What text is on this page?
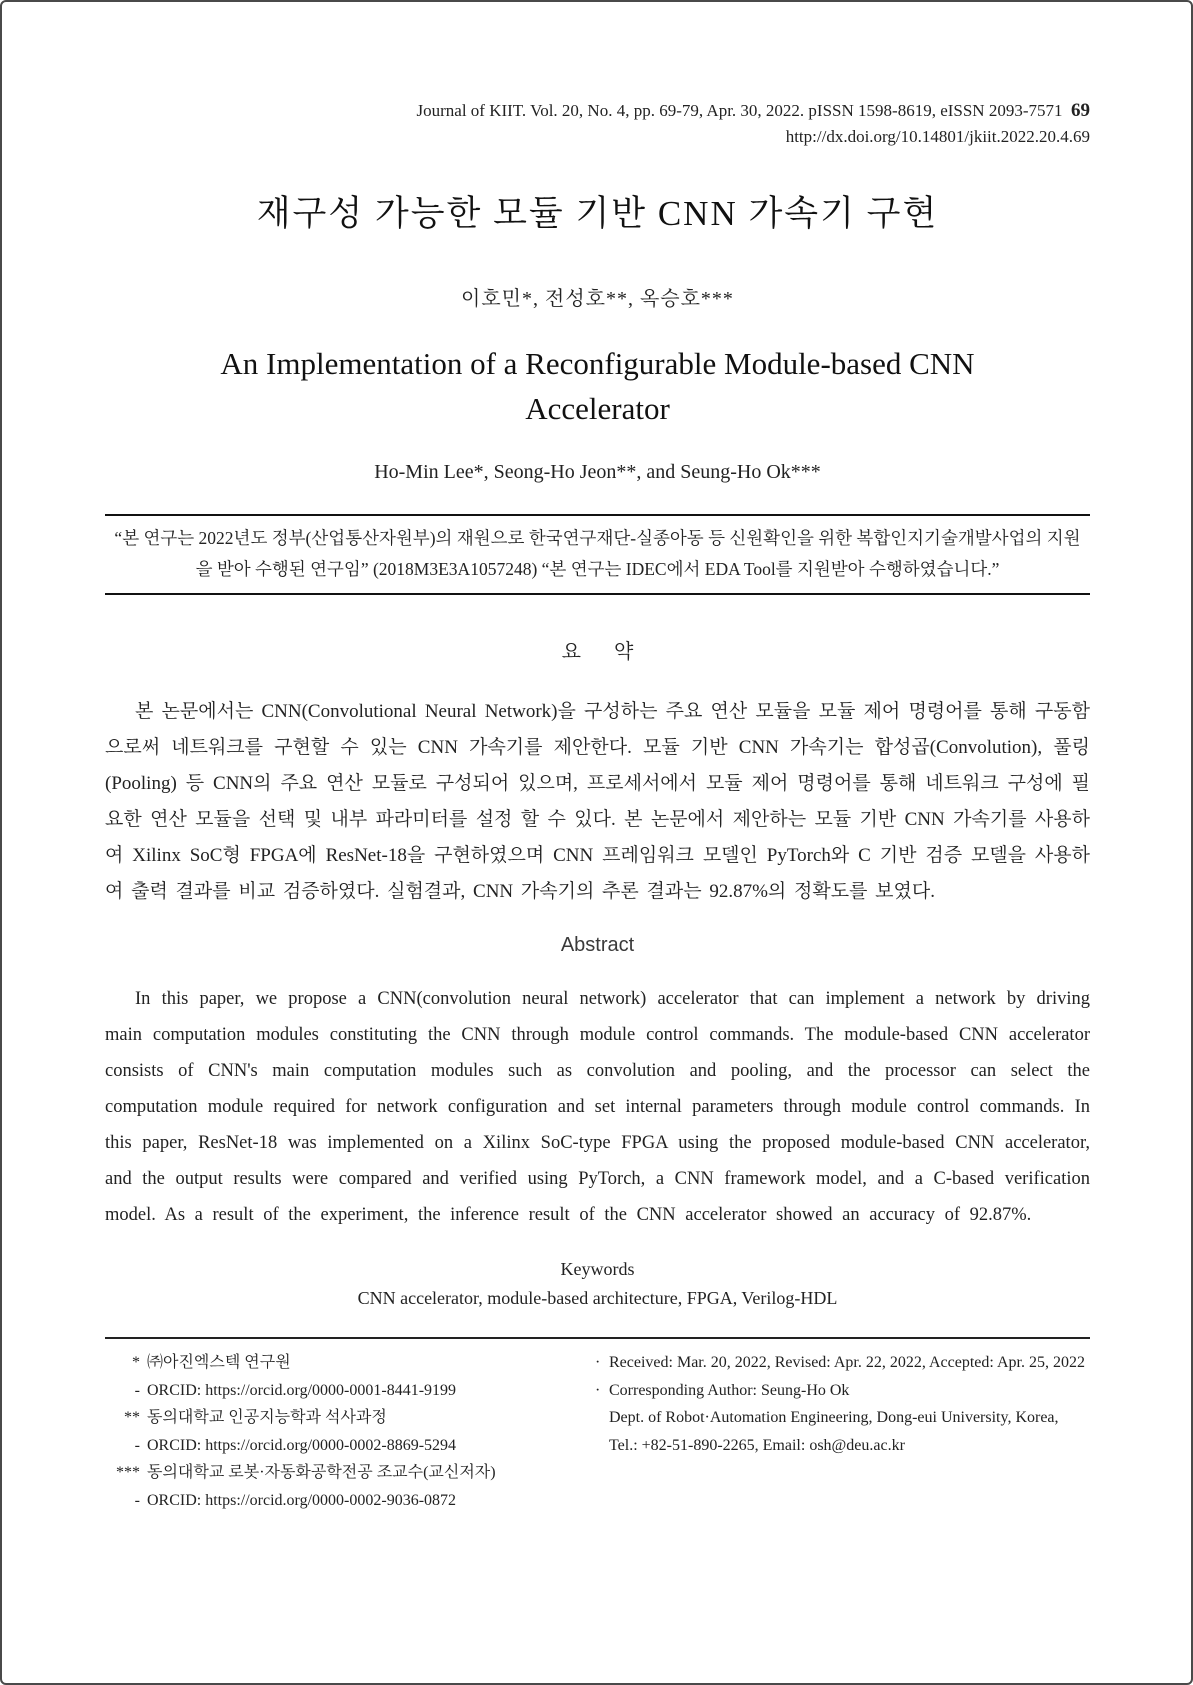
Journal of KIIT. Vol. 20, No. 4, pp. 69-79, Apr. 30, 2022. pISSN 1598-8619, eISSN 2093-7571 69
http://dx.doi.org/10.14801/jkiit.2022.20.4.69
재구성 가능한 모듈 기반 CNN 가속기 구현
이호민*, 전성호**, 옥승호***
An Implementation of a Reconfigurable Module-based CNN
Accelerator
Ho-Min Lee*, Seong-Ho Jeon**, and Seung-Ho Ok***
“본 연구는 2022년도 정부(산업통산자원부)의 재원으로 한국연구재단-실종아동 등 신원확인을 위한 복합인지기술개발사업의 지원을 받아 수행된 연구임” (2018M3E3A1057248) “본 연구는 IDEC에서 EDA Tool를 지원받아 수행하였습니다.”
요 약
본 논문에서는 CNN(Convolutional Neural Network)을 구성하는 주요 연산 모듈을 모듈 제어 명령어를 통해 구동함으로써 네트워크를 구현할 수 있는 CNN 가속기를 제안한다. 모듈 기반 CNN 가속기는 합성곱(Convolution), 풀링(Pooling) 등 CNN의 주요 연산 모듈로 구성되어 있으며, 프로세서에서 모듈 제어 명령어를 통해 네트워크 구성에 필요한 연산 모듈을 선택 및 내부 파라미터를 설정 할 수 있다. 본 논문에서 제안하는 모듈 기반 CNN 가속기를 사용하여 Xilinx SoC형 FPGA에 ResNet-18을 구현하였으며 CNN 프레임워크 모델인 PyTorch와 C 기반 검증 모델을 사용하여 출력 결과를 비교 검증하였다. 실험결과, CNN 가속기의 추론 결과는 92.87%의 정확도를 보였다.
Abstract
In this paper, we propose a CNN(convolution neural network) accelerator that can implement a network by driving main computation modules constituting the CNN through module control commands. The module-based CNN accelerator consists of CNN's main computation modules such as convolution and pooling, and the processor can select the computation module required for network configuration and set internal parameters through module control commands. In this paper, ResNet-18 was implemented on a Xilinx SoC-type FPGA using the proposed module-based CNN accelerator, and the output results were compared and verified using PyTorch, a CNN framework model, and a C-based verification model. As a result of the experiment, the inference result of the CNN accelerator showed an accuracy of 92.87%.
Keywords
CNN accelerator, module-based architecture, FPGA, Verilog-HDL
* ㈜아진엑스텍 연구원
- ORCID: https://orcid.org/0000-0001-8441-9199
** 동의대학교 인공지능학과 석사과정
- ORCID: https://orcid.org/0000-0002-8869-5294
*** 동의대학교 로봇·자동화공학전공 조교수(교신저자)
- ORCID: https://orcid.org/0000-0002-9036-0872
· Received: Mar. 20, 2022, Revised: Apr. 22, 2022, Accepted: Apr. 25, 2022
· Corresponding Author: Seung-Ho Ok
Dept. of Robot·Automation Engineering, Dong-eui University, Korea,
Tel.: +82-51-890-2265, Email: osh@deu.ac.kr
